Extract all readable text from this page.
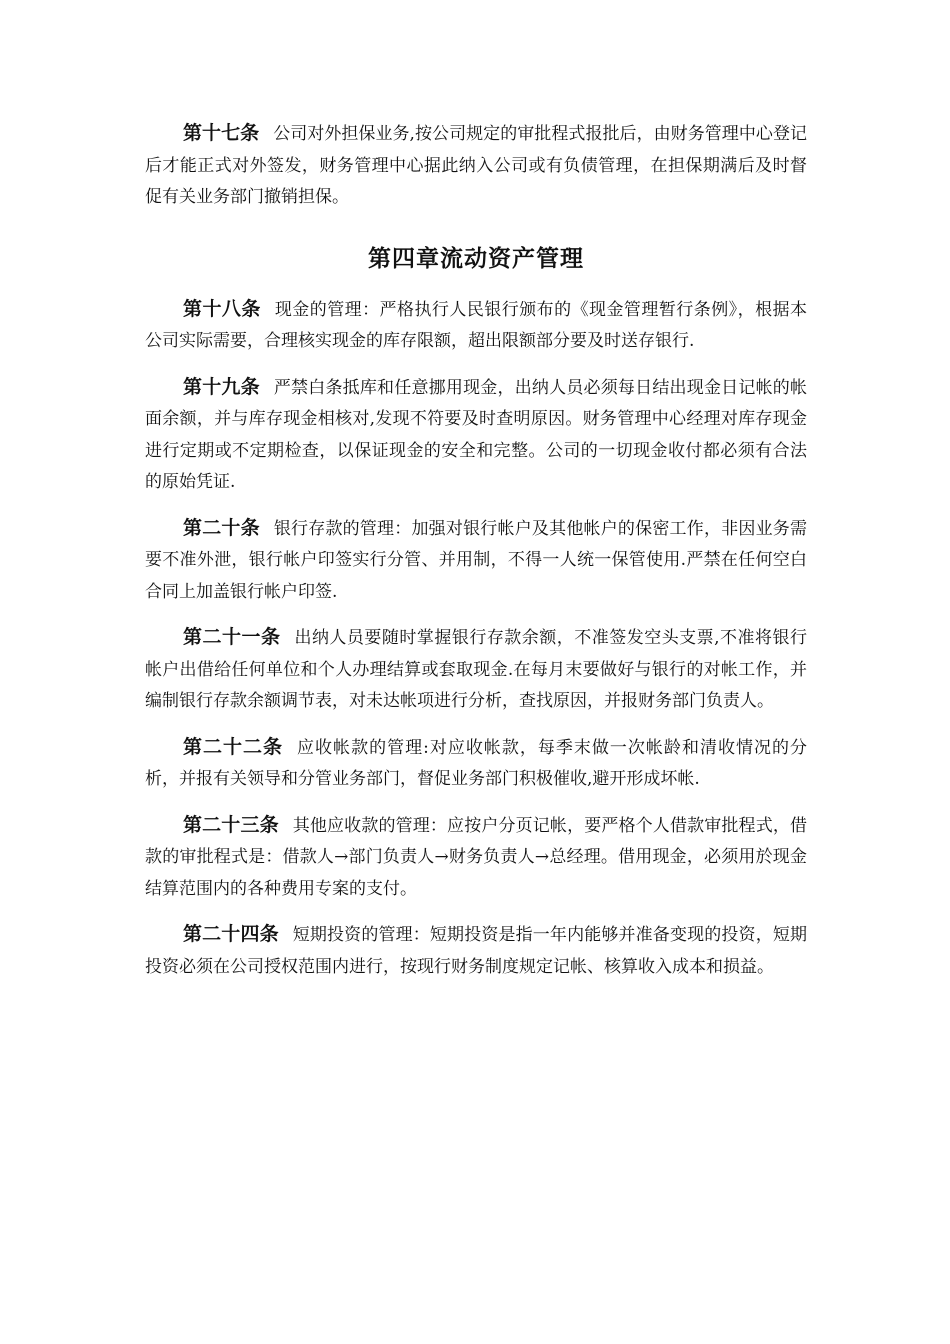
第十七条 公司对外担保业务,按公司规定的审批程式报批后，由财务管理中心登记后才能正式对外签发，财务管理中心据此纳入公司或有负债管理，在担保期满后及时督促有关业务部门撤销担保。

第四章流动资产管理

第十八条 现金的管理：严格执行人民银行颁布的《现金管理暂行条例》，根据本公司实际需要，合理核实现金的库存限额，超出限额部分要及时送存银行.

第十九条 严禁白条抵库和任意挪用现金，出纳人员必须每日结出现金日记帐的帐面余额，并与库存现金相核对,发现不符要及时查明原因。财务管理中心经理对库存现金进行定期或不定期检查，以保证现金的安全和完整。公司的一切现金收付都必须有合法的原始凭证.

第二十条 银行存款的管理：加强对银行帐户及其他帐户的保密工作，非因业务需要不准外泄，银行帐户印签实行分管、并用制，不得一人统一保管使用.严禁在任何空白合同上加盖银行帐户印签.

第二十一条 出纳人员要随时掌握银行存款余额，不准签发空头支票,不准将银行帐户出借给任何单位和个人办理结算或套取现金.在每月末要做好与银行的对帐工作，并编制银行存款余额调节表，对未达帐项进行分析，查找原因，并报财务部门负责人。

第二十二条 应收帐款的管理:对应收帐款，每季末做一次帐龄和清收情况的分析，并报有关领导和分管业务部门，督促业务部门积极催收,避开形成坏帐.

第二十三条 其他应收款的管理：应按户分页记帐，要严格个人借款审批程式，借款的审批程式是：借款人→部门负责人→财务负责人→总经理。借用现金，必须用於现金结算范围内的各种费用专案的支付。

第二十四条 短期投资的管理：短期投资是指一年内能够并准备变现的投资，短期投资必须在公司授权范围内进行，按现行财务制度规定记帐、核算收入成本和损益。
